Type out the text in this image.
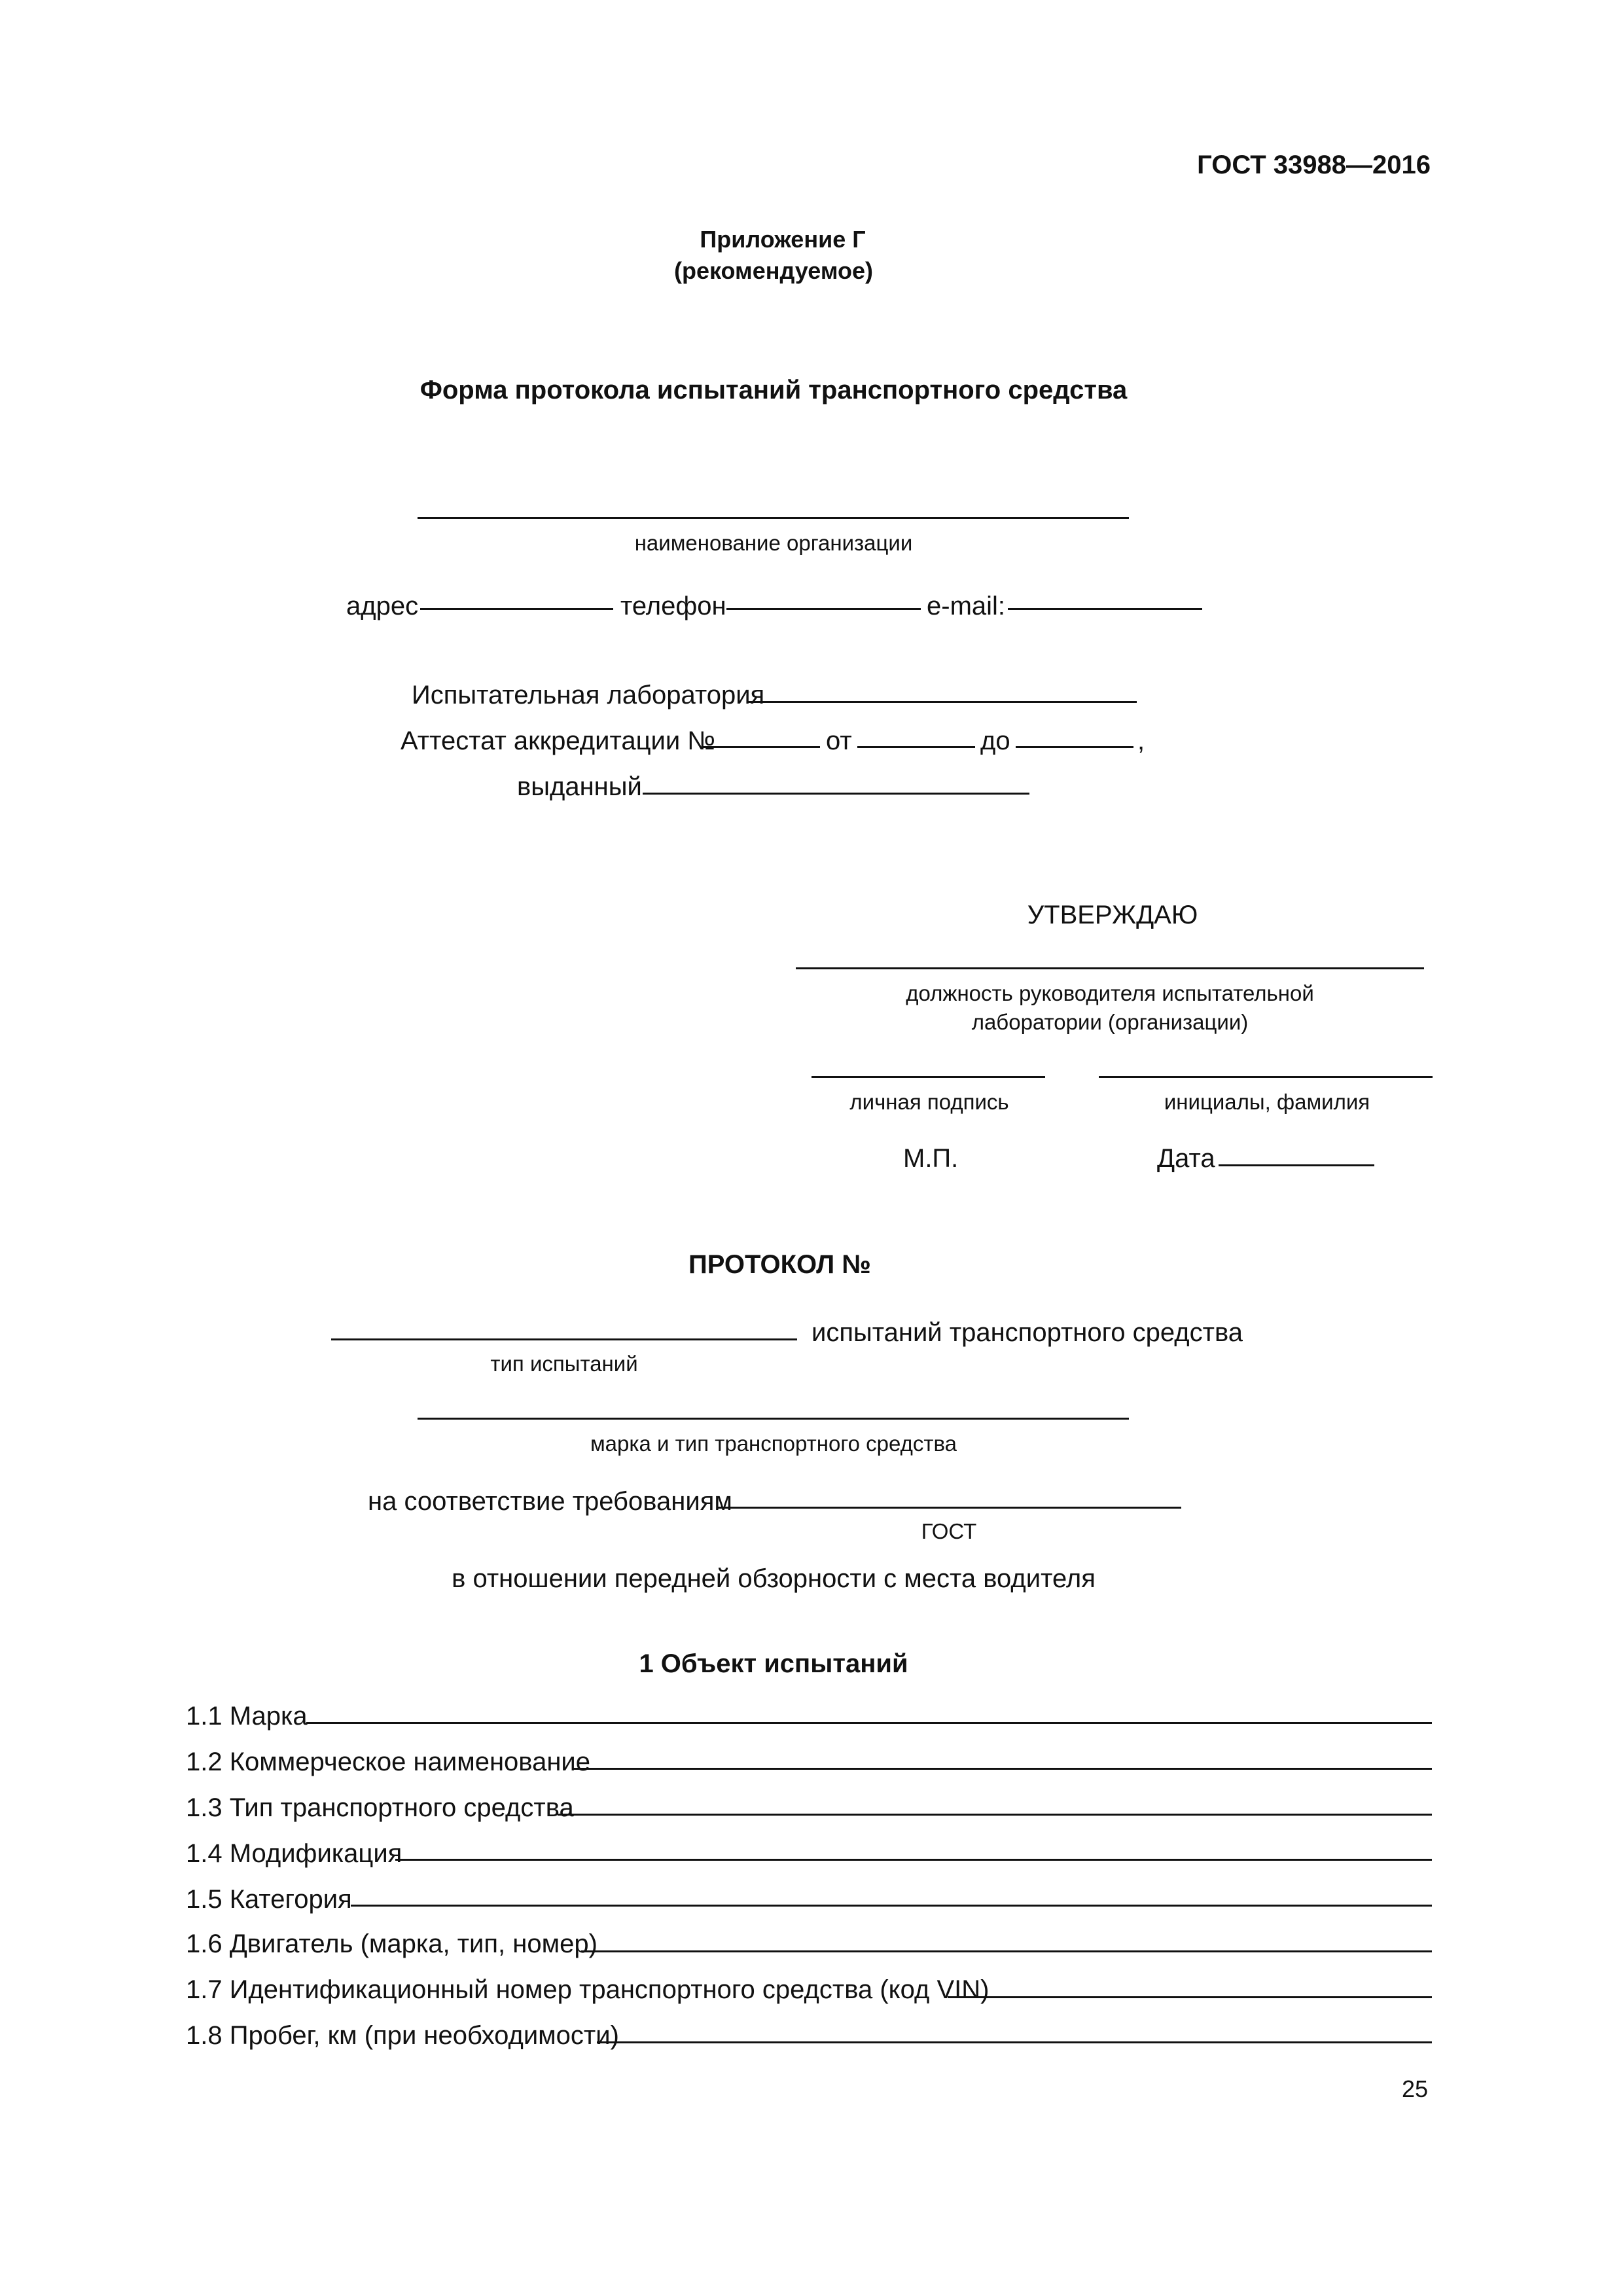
ГОСТ 33988—2016
Приложение Г
(рекомендуемое)
Форма протокола испытаний транспортного средства
наименование организации
адрес	телефон	e-mail:
Испытательная лаборатория
Аттестат аккредитации №	от	до	,
выданный
УТВЕРЖДАЮ
должность руководителя испытательной
лаборатории (организации)
личная подпись	инициалы, фамилия
М.П.	Дата
ПРОТОКОЛ №
испытаний транспортного средства
тип испытаний
марка и тип транспортного средства
на соответствие требованиям
ГОСТ
в отношении передней обзорности с места водителя
1 Объект испытаний
1.1 Марка
1.2 Коммерческое наименование
1.3 Тип транспортного средства
1.4 Модификация
1.5 Категория
1.6 Двигатель (марка, тип, номер)
1.7 Идентификационный номер транспортного средства (код VIN)
1.8 Пробег, км (при необходимости)
25
